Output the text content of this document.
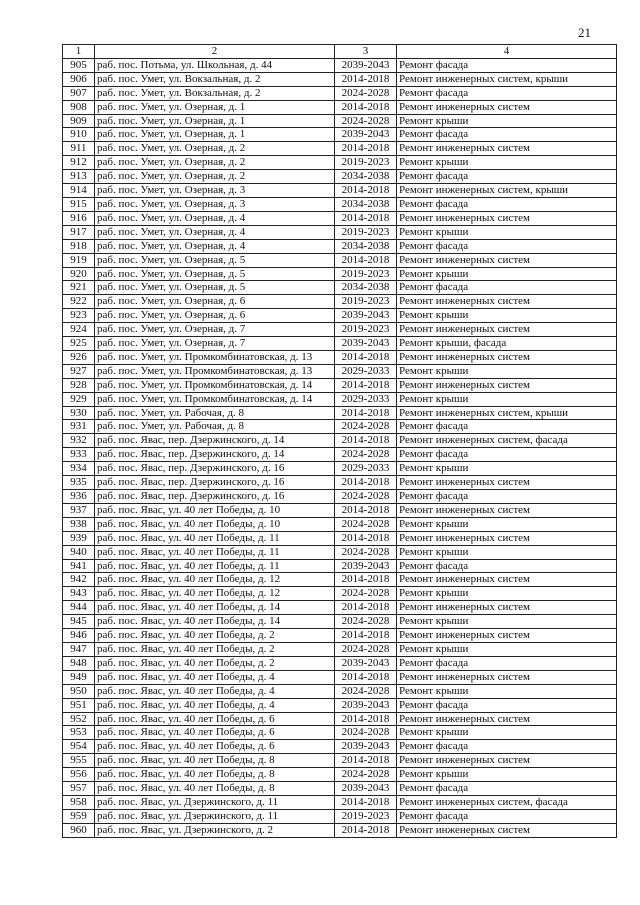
21
1	2	3	4
905	раб. пос. Потьма, ул. Школьная, д. 44	2039-2043	Ремонт фасада
906	раб. пос. Умет, ул. Вокзальная, д. 2	2014-2018	Ремонт инженерных систем, крыши
907	раб. пос. Умет, ул. Вокзальная, д. 2	2024-2028	Ремонт фасада
908	раб. пос. Умет, ул. Озерная, д. 1	2014-2018	Ремонт инженерных систем
909	раб. пос. Умет, ул. Озерная, д. 1	2024-2028	Ремонт крыши
910	раб. пос. Умет, ул. Озерная, д. 1	2039-2043	Ремонт фасада
911	раб. пос. Умет, ул. Озерная, д. 2	2014-2018	Ремонт инженерных систем
912	раб. пос. Умет, ул. Озерная, д. 2	2019-2023	Ремонт крыши
913	раб. пос. Умет, ул. Озерная, д. 2	2034-2038	Ремонт фасада
914	раб. пос. Умет, ул. Озерная, д. 3	2014-2018	Ремонт инженерных систем, крыши
915	раб. пос. Умет, ул. Озерная, д. 3	2034-2038	Ремонт фасада
916	раб. пос. Умет, ул. Озерная, д. 4	2014-2018	Ремонт инженерных систем
917	раб. пос. Умет, ул. Озерная, д. 4	2019-2023	Ремонт крыши
918	раб. пос. Умет, ул. Озерная, д. 4	2034-2038	Ремонт фасада
919	раб. пос. Умет, ул. Озерная, д. 5	2014-2018	Ремонт инженерных систем
920	раб. пос. Умет, ул. Озерная, д. 5	2019-2023	Ремонт крыши
921	раб. пос. Умет, ул. Озерная, д. 5	2034-2038	Ремонт фасада
922	раб. пос. Умет, ул. Озерная, д. 6	2019-2023	Ремонт инженерных систем
923	раб. пос. Умет, ул. Озерная, д. 6	2039-2043	Ремонт крыши
924	раб. пос. Умет, ул. Озерная, д. 7	2019-2023	Ремонт инженерных систем
925	раб. пос. Умет, ул. Озерная, д. 7	2039-2043	Ремонт крыши, фасада
926	раб. пос. Умет, ул. Промкомбинатовская, д. 13	2014-2018	Ремонт инженерных систем
927	раб. пос. Умет, ул. Промкомбинатовская, д. 13	2029-2033	Ремонт крыши
928	раб. пос. Умет, ул. Промкомбинатовская, д. 14	2014-2018	Ремонт инженерных систем
929	раб. пос. Умет, ул. Промкомбинатовская, д. 14	2029-2033	Ремонт крыши
930	раб. пос. Умет, ул. Рабочая, д. 8	2014-2018	Ремонт инженерных систем, крыши
931	раб. пос. Умет, ул. Рабочая, д. 8	2024-2028	Ремонт фасада
932	раб. пос. Явас, пер. Дзержинского, д. 14	2014-2018	Ремонт инженерных систем, фасада
933	раб. пос. Явас, пер. Дзержинского, д. 14	2024-2028	Ремонт фасада
934	раб. пос. Явас, пер. Дзержинского, д. 16	2029-2033	Ремонт крыши
935	раб. пос. Явас, пер. Дзержинского, д. 16	2014-2018	Ремонт инженерных систем
936	раб. пос. Явас, пер. Дзержинского, д. 16	2024-2028	Ремонт фасада
937	раб. пос. Явас, ул. 40 лет Победы, д. 10	2014-2018	Ремонт инженерных систем
938	раб. пос. Явас, ул. 40 лет Победы, д. 10	2024-2028	Ремонт крыши
939	раб. пос. Явас, ул. 40 лет Победы, д. 11	2014-2018	Ремонт инженерных систем
940	раб. пос. Явас, ул. 40 лет Победы, д. 11	2024-2028	Ремонт крыши
941	раб. пос. Явас, ул. 40 лет Победы, д. 11	2039-2043	Ремонт фасада
942	раб. пос. Явас, ул. 40 лет Победы, д. 12	2014-2018	Ремонт инженерных систем
943	раб. пос. Явас, ул. 40 лет Победы, д. 12	2024-2028	Ремонт крыши
944	раб. пос. Явас, ул. 40 лет Победы, д. 14	2014-2018	Ремонт инженерных систем
945	раб. пос. Явас, ул. 40 лет Победы, д. 14	2024-2028	Ремонт крыши
946	раб. пос. Явас, ул. 40 лет Победы, д. 2	2014-2018	Ремонт инженерных систем
947	раб. пос. Явас, ул. 40 лет Победы, д. 2	2024-2028	Ремонт крыши
948	раб. пос. Явас, ул. 40 лет Победы, д. 2	2039-2043	Ремонт фасада
949	раб. пос. Явас, ул. 40 лет Победы, д. 4	2014-2018	Ремонт инженерных систем
950	раб. пос. Явас, ул. 40 лет Победы, д. 4	2024-2028	Ремонт крыши
951	раб. пос. Явас, ул. 40 лет Победы, д. 4	2039-2043	Ремонт фасада
952	раб. пос. Явас, ул. 40 лет Победы, д. 6	2014-2018	Ремонт инженерных систем
953	раб. пос. Явас, ул. 40 лет Победы, д. 6	2024-2028	Ремонт крыши
954	раб. пос. Явас, ул. 40 лет Победы, д. 6	2039-2043	Ремонт фасада
955	раб. пос. Явас, ул. 40 лет Победы, д. 8	2014-2018	Ремонт инженерных систем
956	раб. пос. Явас, ул. 40 лет Победы, д. 8	2024-2028	Ремонт крыши
957	раб. пос. Явас, ул. 40 лет Победы, д. 8	2039-2043	Ремонт фасада
958	раб. пос. Явас, ул. Дзержинского, д. 11	2014-2018	Ремонт инженерных систем, фасада
959	раб. пос. Явас, ул. Дзержинского, д. 11	2019-2023	Ремонт фасада
960	раб. пос. Явас, ул. Дзержинского, д. 2	2014-2018	Ремонт инженерных систем
